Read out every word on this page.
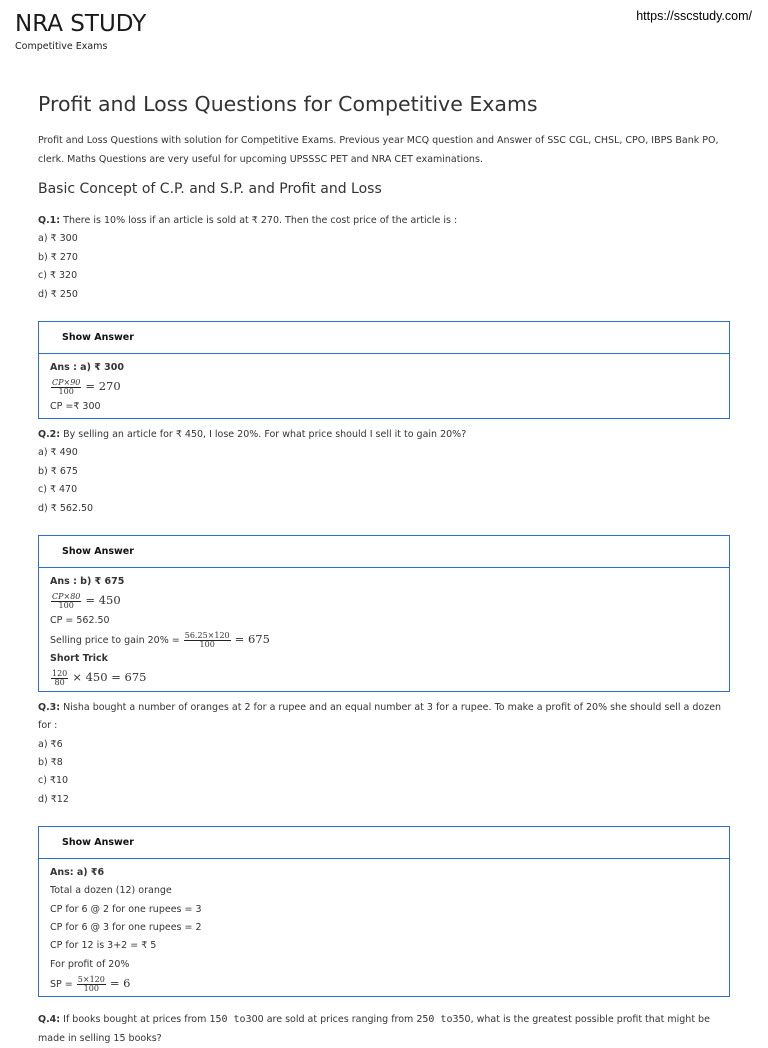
NRA STUDY
Competitive Exams
https://sscstudy.com/
Profit and Loss Questions for Competitive Exams

Profit and Loss Questions with solution for Competitive Exams. Previous year MCQ question and Answer of SSC CGL, CHSL, CPO, IBPS Bank PO, clerk. Maths Questions are very useful for upcoming UPSSSC PET and NRA CET examinations.

Basic Concept of C.P. and S.P. and Profit and Loss
Q.1: There is 10% loss if an article is sold at ₹ 270. Then the cost price of the article is :
a) ₹ 300
b) ₹ 270
c) ₹ 320
d) ₹ 250
Show Answer
Ans : a) ₹ 300
$\frac{CP\times 90}{100} = 270$
CP =₹ 300
Q.2: By selling an article for ₹ 450, I lose 20%. For what price should I sell it to gain 20%?
a) ₹ 490
b) ₹ 675
c) ₹ 470
d) ₹ 562.50
Show Answer
Ans : b) ₹ 675
$\frac{CP\times 80}{100} = 450$
CP = 562.50
Selling price to gain $20\% = \frac{56.25\times 120}{100} = 675$
Short Trick
$\frac{120}{80} \times 450 = 675$
Q.3: Nisha bought a number of oranges at 2 for a rupee and an equal number at 3 for a rupee. To make a profit of 20% she should sell a dozen for :
a) ₹6
b) ₹8
c) ₹10
d) ₹12
Show Answer
Ans: a) ₹6
Total a dozen (12) orange
CP for 6 @ 2 for one rupees = 3
CP for 6 @ 3 for one rupees = 2
CP for 12 is 3+2 = ₹ 5
For profit of 20%
SP = $\frac{5\times 120}{100} = 6$
Q.4: If books bought at prices from 150 to300 are sold at prices ranging from 250 to350, what is the greatest possible profit that might be made in selling 15 books?
